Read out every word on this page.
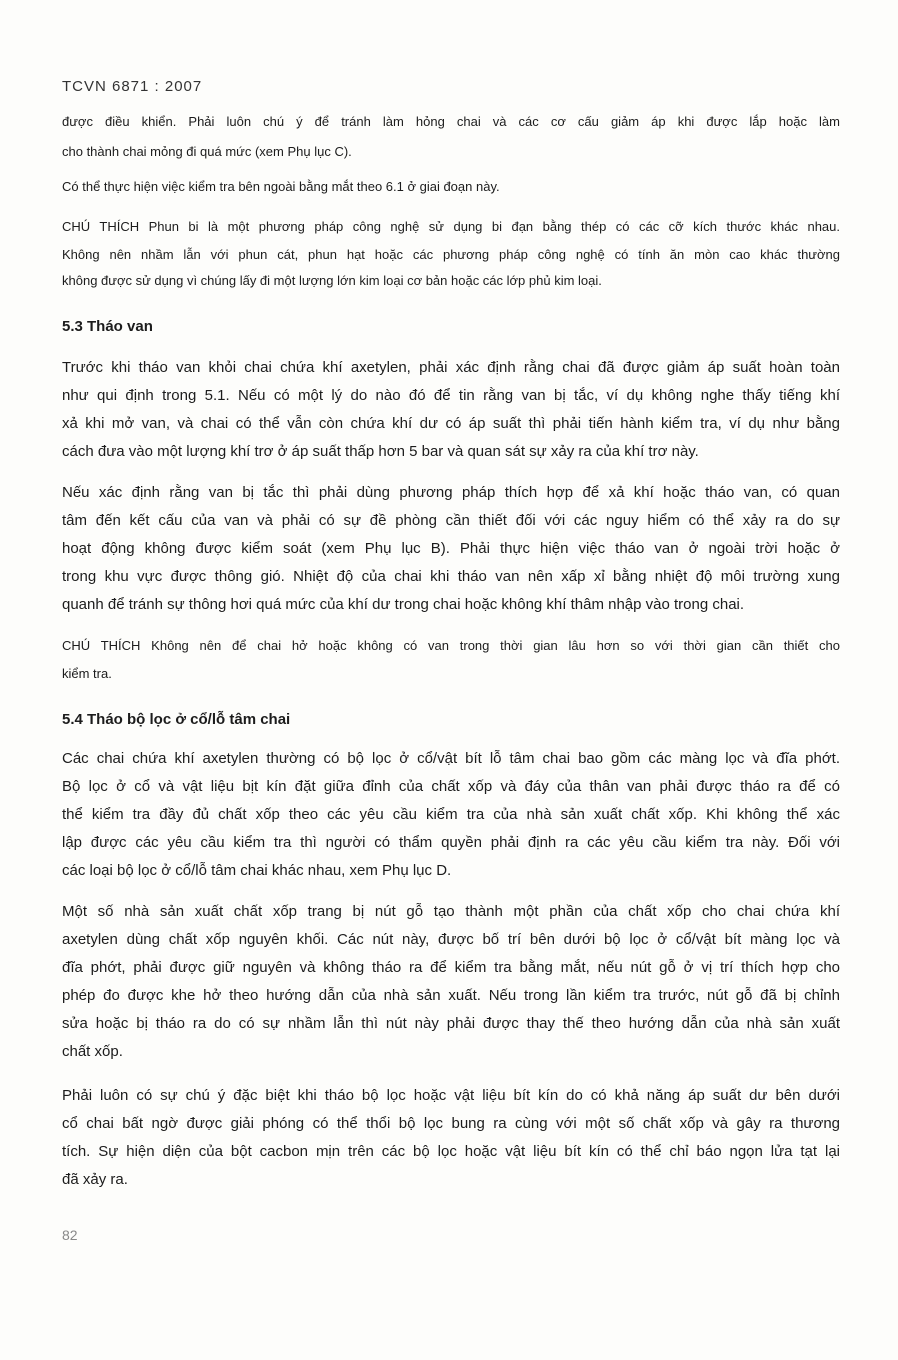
TCVN 6871 : 2007

được điều khiển. Phải luôn chú ý để tránh làm hỏng chai và các cơ cấu giảm áp khi được lắp hoặc làm

cho thành chai mỏng đi quá mức (xem Phụ lục C).

Có thể thực hiện việc kiểm tra bên ngoài bằng mắt theo 6.1 ở giai đoạn này.

CHÚ THÍCH Phun bi là một phương pháp công nghệ sử dụng bi đạn bằng thép có các cỡ kích thước khác nhau.

Không nên nhầm lẫn với phun cát, phun hạt hoặc các phương pháp công nghệ có tính ăn mòn cao khác thường

không được sử dụng vì chúng lấy đi một lượng lớn kim loại cơ bản hoặc các lớp phủ kim loại.

5.3 Tháo van

Trước khi tháo van khỏi chai chứa khí axetylen, phải xác định rằng chai đã được giảm áp suất hoàn toàn

như qui định trong 5.1. Nếu có một lý do nào đó để tin rằng van bị tắc, ví dụ không nghe thấy tiếng khí

xả khi mở van, và chai có thể vẫn còn chứa khí dư có áp suất thì phải tiến hành kiểm tra, ví dụ như bằng

cách đưa vào một lượng khí trơ ở áp suất thấp hơn 5 bar và quan sát sự xảy ra của khí trơ này.

Nếu xác định rằng van bị tắc thì phải dùng phương pháp thích hợp để xả khí hoặc tháo van, có quan

tâm đến kết cấu của van và phải có sự đề phòng cần thiết đối với các nguy hiểm có thể xảy ra do sự

hoạt động không được kiểm soát (xem Phụ lục B). Phải thực hiện việc tháo van ở ngoài trời hoặc ở

trong khu vực được thông gió. Nhiệt độ của chai khi tháo van nên xấp xỉ bằng nhiệt độ môi trường xung

quanh để tránh sự thông hơi quá mức của khí dư trong chai hoặc không khí thâm nhập vào trong chai.

CHÚ THÍCH Không nên để chai hở hoặc không có van trong thời gian lâu hơn so với thời gian cần thiết cho

kiểm tra.

5.4 Tháo bộ lọc ở cổ/lỗ tâm chai

Các chai chứa khí axetylen thường có bộ lọc ở cổ/vật bít lỗ tâm chai bao gồm các màng lọc và đĩa phớt.

Bộ lọc ở cổ và vật liệu bịt kín đặt giữa đỉnh của chất xốp và đáy của thân van phải được tháo ra để có

thể kiểm tra đầy đủ chất xốp theo các yêu cầu kiểm tra của nhà sản xuất chất xốp. Khi không thể xác

lập được các yêu cầu kiểm tra thì người có thẩm quyền phải định ra các yêu cầu kiểm tra này. Đối với

các loại bộ lọc ở cổ/lỗ tâm chai khác nhau, xem Phụ lục D.

Một số nhà sản xuất chất xốp trang bị nút gỗ tạo thành một phần của chất xốp cho chai chứa khí

axetylen dùng chất xốp nguyên khối. Các nút này, được bố trí bên dưới bộ lọc ở cổ/vật bít màng lọc và

đĩa phớt, phải được giữ nguyên và không tháo ra để kiểm tra bằng mắt, nếu nút gỗ ở vị trí thích hợp cho

phép đo được khe hở theo hướng dẫn của nhà sản xuất. Nếu trong lần kiểm tra trước, nút gỗ đã bị chỉnh

sửa hoặc bị tháo ra do có sự nhầm lẫn thì nút này phải được thay thế theo hướng dẫn của nhà sản xuất

chất xốp.

Phải luôn có sự chú ý đặc biệt khi tháo bộ lọc hoặc vật liệu bít kín do có khả năng áp suất dư bên dưới

cổ chai bất ngờ được giải phóng có thể thổi bộ lọc bung ra cùng với một số chất xốp và gây ra thương

tích. Sự hiện diện của bột cacbon mịn trên các bộ lọc hoặc vật liệu bít kín có thể chỉ báo ngọn lửa tạt lại

đã xảy ra.

82
